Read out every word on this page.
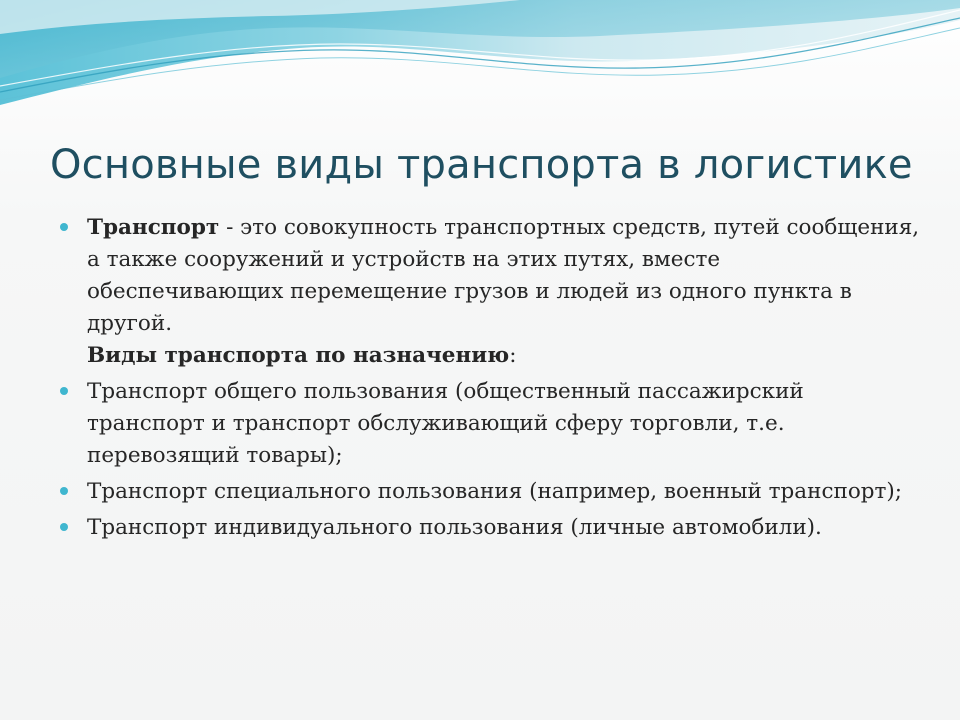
Основные виды транспорта в логистике
Транспорт - это совокупность транспортных средств, путей сообщения, а также сооружений и устройств на этих путях, вместе обеспечивающих перемещение грузов и людей из одного пункта в другой.
Виды транспорта по назначению:
Транспорт общего пользования (общественный пассажирский транспорт и транспорт обслуживающий сферу торговли, т.е. перевозящий товары);
Транспорт специального пользования (например, военный транспорт);
Транспорт индивидуального пользования (личные автомобили).
